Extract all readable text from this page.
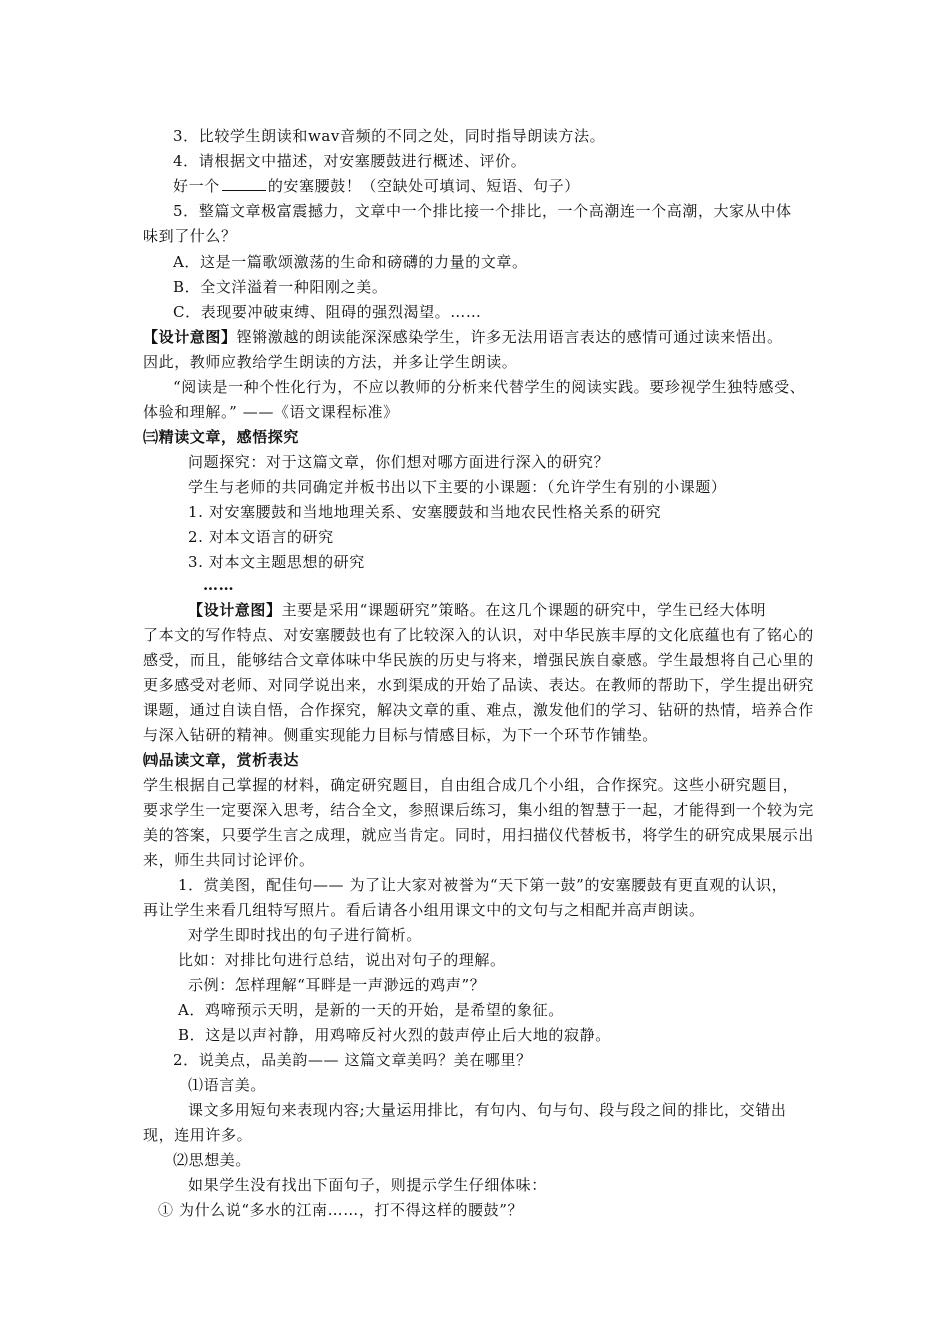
3．比较学生朗读和wav音频的不同之处，同时指导朗读方法。
4．请根据文中描述，对安塞腰鼓进行概述、评价。
好一个	的安塞腰鼓！（空缺处可填词、短语、句子）
5．整篇文章极富震撼力，文章中一个排比接一个排比，一个高潮连一个高潮，大家从中体
味到了什么？
A．这是一篇歌颂激荡的生命和磅礴的力量的文章。
B．全文洋溢着一种阳刚之美。
C．表现要冲破束缚、阻碍的强烈渴望。……
【设计意图】铿锵激越的朗读能深深感染学生，许多无法用语言表达的感情可通过读来悟出。
因此，教师应教给学生朗读的方法，并多让学生朗读。
“阅读是一种个性化行为，不应以教师的分析来代替学生的阅读实践。要珍视学生独特感受、
体验和理解。” ——《语文课程标准》
㈢精读文章，感悟探究
问题探究：对于这篇文章，你们想对哪方面进行深入的研究？
学生与老师的共同确定并板书出以下主要的小课题：（允许学生有别的小课题）
1. 对安塞腰鼓和当地地理关系、安塞腰鼓和当地农民性格关系的研究
2. 对本文语言的研究
3. 对本文主题思想的研究
……
【设计意图】主要是采用“课题研究”策略。在这几个课题的研究中，学生已经大体明
了本文的写作特点、对安塞腰鼓也有了比较深入的认识，对中华民族丰厚的文化底蕴也有了铭心的
感受，而且，能够结合文章体味中华民族的历史与将来，增强民族自豪感。学生最想将自己心里的
更多感受对老师、对同学说出来，水到渠成的开始了品读、表达。在教师的帮助下，学生提出研究
课题，通过自读自悟，合作探究，解决文章的重、难点，激发他们的学习、钻研的热情，培养合作
与深入钻研的精神。侧重实现能力目标与情感目标，为下一个环节作铺垫。
㈣品读文章，赏析表达
学生根据自己掌握的材料，确定研究题目，自由组合成几个小组，合作探究。这些小研究题目，
要求学生一定要深入思考，结合全文，参照课后练习，集小组的智慧于一起，才能得到一个较为完
美的答案，只要学生言之成理，就应当肯定。同时，用扫描仪代替板书，将学生的研究成果展示出
来，师生共同讨论评价。
1．赏美图，配佳句—— 为了让大家对被誉为“天下第一鼓”的安塞腰鼓有更直观的认识，
再让学生来看几组特写照片。看后请各小组用课文中的文句与之相配并高声朗读。
对学生即时找出的句子进行简析。
比如：对排比句进行总结，说出对句子的理解。
示例：怎样理解“耳畔是一声渺远的鸡声”？
A．鸡啼预示天明，是新的一天的开始，是希望的象征。
B．这是以声衬静，用鸡啼反衬火烈的鼓声停止后大地的寂静。
2．说美点，品美韵—— 这篇文章美吗？美在哪里？
⑴语言美。
课文多用短句来表现内容;大量运用排比，有句内、句与句、段与段之间的排比，交错出
现，连用许多。
⑵思想美。
如果学生没有找出下面句子，则提示学生仔细体味：
① 为什么说“多水的江南……，打不得这样的腰鼓”？
